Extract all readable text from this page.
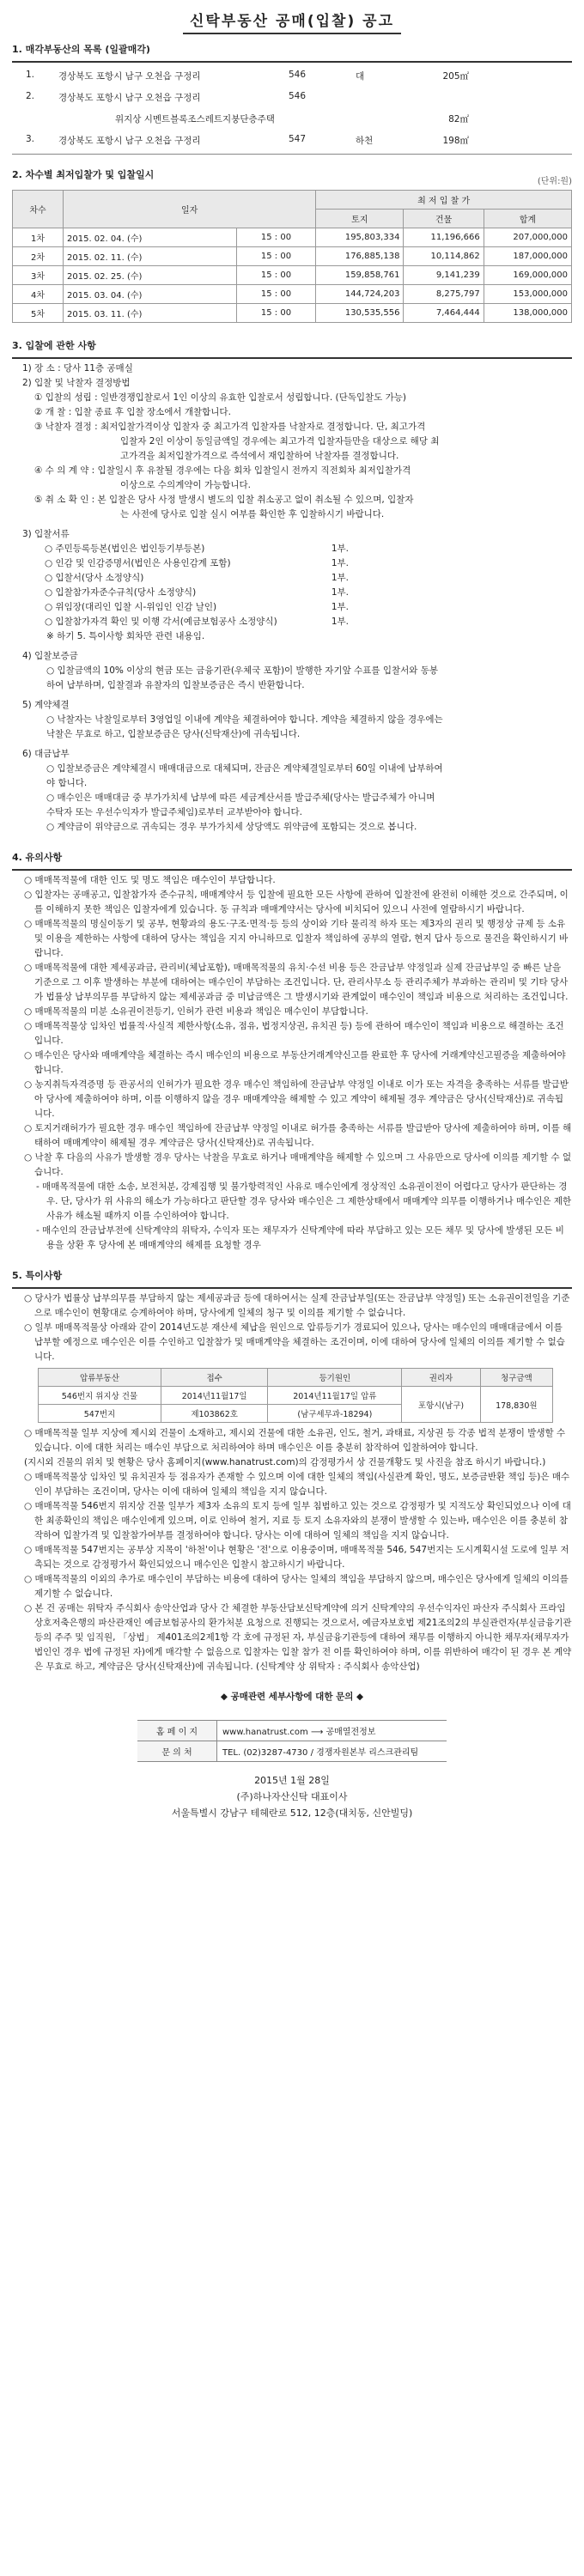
신탁부동산 공매(입찰) 공고
1. 매각부동산의 목록 (일괄매각)
1.	경상북도 포항시 남구 오천읍 구정리	546	대	205㎡
2.	경상북도 포항시 남구 오천읍 구정리	546		
	위지상 시멘트블록조스레트지붕단층주택			82㎡
3.	경상북도 포항시 남구 오천읍 구정리	547	하천	198㎡
2. 차수별 최저입찰가 및 입찰일시
(단위:원)
차수	일자		최 저 입 찰 가		
			토지	건물	합계
1차	2015. 02. 04. (수)	15 : 00	195,803,334	11,196,666	207,000,000
2차	2015. 02. 11. (수)	15 : 00	176,885,138	10,114,862	187,000,000
3차	2015. 02. 25. (수)	15 : 00	159,858,761	9,141,239	169,000,000
4차	2015. 03. 04. (수)	15 : 00	144,724,203	8,275,797	153,000,000
5차	2015. 03. 11. (수)	15 : 00	130,535,556	7,464,444	138,000,000
3. 입찰에 관한 사항

1) 장 소 : 당사 11층 공매실

2) 입찰 및 낙찰자 결정방법

① 입찰의 성립 : 일반경쟁입찰로서 1인 이상의 유효한 입찰로서 성립합니다. (단독입찰도 가능)

② 개 찰 : 입찰 종료 후 입찰 장소에서 개찰합니다.

③ 낙찰자 결정 : 최저입찰가격이상 입찰자 중 최고가격 입찰자를 낙찰자로 결정합니다. 단, 최고가격

입찰자 2인 이상이 동일금액일 경우에는 최고가격 입찰자들만을 대상으로 해당 최

고가격을 최저입찰가격으로 즉석에서 재입찰하여 낙찰자를 결정합니다.

④ 수 의 계 약 : 입찰일시 후 유찰될 경우에는 다음 회차 입찰일시 전까지 직전회차 최저입찰가격

이상으로 수의계약이 가능합니다.

⑤ 취 소 확 인 : 본 입찰은 당사 사정 발생시 별도의 입찰 취소공고 없이 취소될 수 있으며, 입찰자

는 사전에 당사로 입찰 실시 여부를 확인한 후 입찰하시기 바랍니다.

3) 입찰서류

○ 주민등록등본(법인은 법인등기부등본)	1부.
○ 인감 및 인감증명서(법인은 사용인감계 포함)	1부.
○ 입찰서(당사 소정양식)	1부.
○ 입찰참가자준수규칙(당사 소정양식)	1부.
○ 위임장(대리인 입찰 시-위임인 인감 날인)	1부.
○ 입찰참가자격 확인 및 이행 각서(예금보험공사 소정양식)	1부.

※ 하기 5. 특이사항 회차만 관련 내용임.

4) 입찰보증금

○ 입찰금액의 10% 이상의 현금 또는 금융기관(우체국 포함)이 발행한 자기앞 수표를 입찰서와 동봉

하여 납부하며, 입찰결과 유찰자의 입찰보증금은 즉시 반환합니다.

5) 계약체결

○ 낙찰자는 낙찰일로부터 3영업일 이내에 계약을 체결하여야 합니다. 계약을 체결하지 않을 경우에는

낙찰은 무효로 하고, 입찰보증금은 당사(신탁재산)에 귀속됩니다.

6) 대금납부

○ 입찰보증금은 계약체결시 매매대금으로 대체되며, 잔금은 계약체결일로부터 60일 이내에 납부하여

야 합니다.

○ 매수인은 매매대금 중 부가가치세 납부에 따른 세금계산서를 발급주체(당사는 발급주체가 아니며

수탁자 또는 우선수익자가 발급주체임)로부터 교부받아야 합니다.

○ 계약금이 위약금으로 귀속되는 경우 부가가치세 상당액도 위약금에 포함되는 것으로 봅니다.

4. 유의사항

○ 매매목적물에 대한 인도 및 명도 책임은 매수인이 부담합니다.

○ 입찰자는 공매공고, 입찰참가자 준수규칙, 매매계약서 등 입찰에 필요한 모든 사항에 관하여 입찰전에 완전히 이해한 것으로 간주되며, 이를 이해하지 못한 책임은 입찰자에게 있습니다. 동 규칙과 매매계약서는 당사에 비치되어 있으니 사전에 열람하시기 바랍니다.

○ 매매목적물의 명실이동기 및 공부, 현황과의 용도·구조·면적·등 등의 상이와 기타 물리적 하자 또는 제3자의 권리 및 행정상 규제 등 소유 및 이용을 제한하는 사항에 대하여 당사는 책임을 지지 아니하므로 입찰자 책임하에 공부의 열람, 현지 답사 등으로 물건을 확인하시기 바랍니다.

○ 매매목적물에 대한 제세공과금, 관리비(체납포함), 매매목적물의 유치·수선 비용 등은 잔금납부 약정일과 실제 잔금납부일 중 빠른 날을 기준으로 그 이후 발생하는 부분에 대하여는 매수인이 부담하는 조건입니다. 단, 관리사무소 등 관리주체가 부과하는 관리비 및 기타 당사가 법률상 납부의무를 부담하지 않는 제세공과금 중 미납금액은 그 발생시기와 관계없이 매수인이 책임과 비용으로 처리하는 조건입니다.

○ 매매목적물의 미분 소유권이전등기, 인허가 관련 비용과 책임은 매수인이 부담합니다.

○ 매매목적물상 임차인 법률적·사실적 제한사항(소유, 점유, 법정지상권, 유치권 등) 등에 관하여 매수인이 책임과 비용으로 해결하는 조건입니다.

○ 매수인은 당사와 매매계약을 체결하는 즉시 매수인의 비용으로 부동산거래계약신고를 완료한 후 당사에 거래계약신고필증을 제출하여야 합니다.

○ 농지취득자격증명 등 관공서의 인허가가 필요한 경우 매수인 책임하에 잔금납부 약정일 이내로 이가 또는 자격을 충족하는 서류를 발급받아 당사에 제출하여야 하며, 이를 이행하지 않을 경우 매매계약을 해제할 수 있고 계약이 해제될 경우 계약금은 당사(신탁재산)로 귀속됩니다.

○ 토지거래허가가 필요한 경우 매수인 책임하에 잔금납부 약정일 이내로 허가를 충족하는 서류를 발급받아 당사에 제출하여야 하며, 이를 해태하여 매매계약이 해제될 경우 계약금은 당사(신탁재산)로 귀속됩니다.

○ 낙찰 후 다음의 사유가 발생할 경우 당사는 낙찰을 무효로 하거나 매매계약을 해제할 수 있으며 그 사유만으로 당사에 이의를 제기할 수 없습니다.

- 매매목적물에 대한 소송, 보전처분, 강제집행 및 불가항력적인 사유로 매수인에게 정상적인 소유권이전이 어렵다고 당사가 판단하는 경우. 단, 당사가 위 사유의 해소가 가능하다고 판단할 경우 당사와 매수인은 그 제한상태에서 매매계약 의무를 이행하거나 매수인은 제한사유가 해소될 때까지 이를 수인하여야 합니다.

- 매수인의 잔금납부전에 신탁계약의 위탁자, 수익자 또는 채무자가 신탁계약에 따라 부담하고 있는 모든 채무 및 당사에 발생된 모든 비용을 상환 후 당사에 본 매매계약의 해제를 요청할 경우

5. 특이사항

○ 당사가 법률상 납부의무를 부담하지 않는 제세공과금 등에 대하여서는 실제 잔금납부일(또는 잔금납부 약정일) 또는 소유권이전일을 기준으로 매수인이 현황대로 승계하여야 하며, 당사에게 일체의 청구 및 이의를 제기할 수 없습니다.

○ 일부 매매목적물상 아래와 같이 2014년도분 재산세 체납을 원인으로 압류등기가 경료되어 있으나, 당사는 매수인의 매매대금에서 이를 납부할 예정으로 매수인은 이를 수인하고 입찰참가 및 매매계약을 체결하는 조건이며, 이에 대하여 당사에 일체의 이의를 제기할 수 없습니다.

압류부동산	접수	등기원인	권리자	청구금액
546번지 위지상 건물	2014년11월17일	2014년11월17일 압류	포항시(남구)	178,830원
547번지	제103862호	(남구세무과-18294)		

○ 매매목적물 일부 지상에 제시외 건물이 소재하고, 제시외 건물에 대한 소유권, 인도, 철거, 과태료, 지상권 등 각종 법적 분쟁이 발생할 수 있습니다. 이에 대한 처리는 매수인 부담으로 처리하여야 하며 매수인은 이를 충분히 참작하여 입찰하여야 합니다.

(지시외 건물의 위치 및 현황은 당사 홈페이지(www.hanatrust.com)의 감정평가서 상 건물개황도 및 사진을 참조 하시기 바랍니다.)

○ 매매목적물상 임차인 및 유치권자 등 점유자가 존재할 수 있으며 이에 대한 일체의 책임(사실관계 확인, 명도, 보증금반환 책임 등)은 매수인이 부담하는 조건이며, 당사는 이에 대하여 일체의 책임을 지지 않습니다.

○ 매매목적물 546번지 위지상 건물 일부가 제3자 소유의 토지 등에 일부 침범하고 있는 것으로 감정평가 및 지적도상 확인되었으나 이에 대한 최종확인의 책임은 매수인에게 있으며, 이로 인하여 철거, 지료 등 토지 소유자와의 분쟁이 발생할 수 있는바, 매수인은 이를 충분히 참작하여 입찰가격 및 입찰참가여부를 결정하여야 합니다. 당사는 이에 대하여 일체의 책임을 지지 않습니다.

○ 매매목적물 547번지는 공부상 지목이 '하천'이나 현황은 '전'으로 이용중이며, 매매목적물 546, 547번지는 도시계획시설 도로에 일부 저촉되는 것으로 감정평가서 확인되었으니 매수인은 입찰시 참고하시기 바랍니다.

○ 매매목적물의 이외의 추가로 매수인이 부담하는 비용에 대하여 당사는 일체의 책임을 부담하지 않으며, 매수인은 당사에게 일체의 이의를 제기할 수 없습니다.

○ 본 건 공매는 위탁자 주식회사 송악산업과 당사 간 체결한 부동산담보신탁계약에 의거 신탁계약의 우선수익자인 파산자 주식회사 프라임상호저축은행의 파산관재인 예금보험공사의 환가처분 요청으로 진행되는 것으로서, 예금자보호법 제21조의2의 부실관련자(부실금융기관등의 주주 및 임직원, 「상법」 제401조의2제1항 각 호에 규정된 자, 부실금융기관등에 대하여 채무를 이행하지 아니한 채무자(채무자가 법인인 경우 법에 규정된 자)에게 매각할 수 없음으로 입찰자는 입찰 참가 전 이를 확인하여야 하며, 이를 위반하여 매각이 된 경우 본 계약은 무효로 하고, 계약금은 당사(신탁재산)에 귀속됩니다. (신탁계약 상 위탁자 : 주식회사 송악산업)

◆ 공매관련 세부사항에 대한 문의 ◆
홈 페 이 지	www.hanatrust.com ⟶ 공매열전정보
문 의 처	TEL. (02)3287-4730 / 경쟁자원본부 리스크관리팀
2015년 1월 28일
(주)하나자산신탁 대표이사
서울특별시 강남구 테헤란로 512, 12층(대치동, 신안빌딩)
